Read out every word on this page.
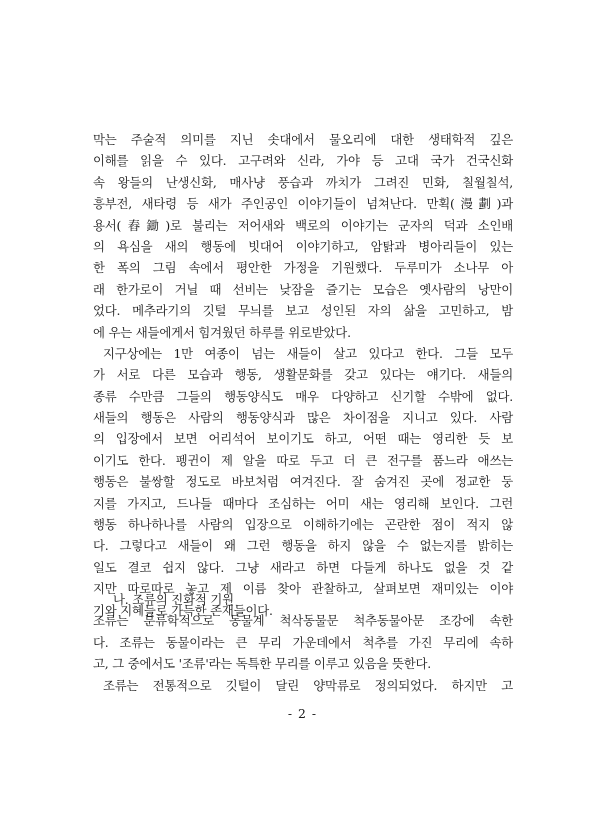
막는 주술적 의미를 지닌 솟대에서 물오리에 대한 생태학적 깊은
이해를 읽을 수 있다. 고구려와 신라, 가야 등 고대 국가 건국신화
속 왕들의 난생신화, 매사냥 풍습과 까치가 그려진 민화, 칠월칠석,
흥부전, 새타령 등 새가 주인공인 이야기들이 넘쳐난다. 만획(漫劃)과
용서(舂鋤)로 불리는 저어새와 백로의 이야기는 군자의 덕과 소인배
의 욕심을 새의 행동에 빗대어 이야기하고, 암탉과 병아리들이 있는
한 폭의 그림 속에서 평안한 가정을 기원했다. 두루미가 소나무 아
래 한가로이 거닐 때 선비는 낮잠을 즐기는 모습은 옛사람의 낭만이
었다. 메추라기의 깃털 무늬를 보고 성인된 자의 삶을 고민하고, 밤
에 우는 새들에게서 힘겨웠던 하루를 위로받았다.
지구상에는 1만 여종이 넘는 새들이 살고 있다고 한다. 그들 모두
가 서로 다른 모습과 행동, 생활문화를 갖고 있다는 얘기다. 새들의
종류 수만큼 그들의 행동양식도 매우 다양하고 신기할 수밖에 없다.
새들의 행동은 사람의 행동양식과 많은 차이점을 지니고 있다. 사람
의 입장에서 보면 어리석어 보이기도 하고, 어떤 때는 영리한 듯 보
이기도 한다. 펭귄이 제 알을 따로 두고 더 큰 전구를 품느라 애쓰는
행동은 불쌍할 정도로 바보처럼 여겨진다. 잘 숨겨진 곳에 정교한 둥
지를 가지고, 드나들 때마다 조심하는 어미 새는 영리해 보인다. 그런
행동 하나하나를 사람의 입장으로 이해하기에는 곤란한 점이 적지 않
다. 그렇다고 새들이 왜 그런 행동을 하지 않을 수 없는지를 밝히는
일도 결코 쉽지 않다. 그냥 새라고 하면 다들게 하나도 없을 것 같
지만 따로따로 놓고 제 이름 찾아 관찰하고, 살펴보면 재미있는 이야
기와 지혜들로 가득한 존재들이다.
나. 조류의 진화적 기원
조류는 분류학적으로 동물계 척삭동물문 척추동물아문 조강에 속한
다. 조류는 동물이라는 큰 무리 가운데에서 척추를 가진 무리에 속하
고, 그 중에서도 '조류'라는 독특한 무리를 이루고 있음을 뜻한다.
조류는 전통적으로 깃털이 달린 양막류로 정의되었다. 하지만 고
- 2 -
